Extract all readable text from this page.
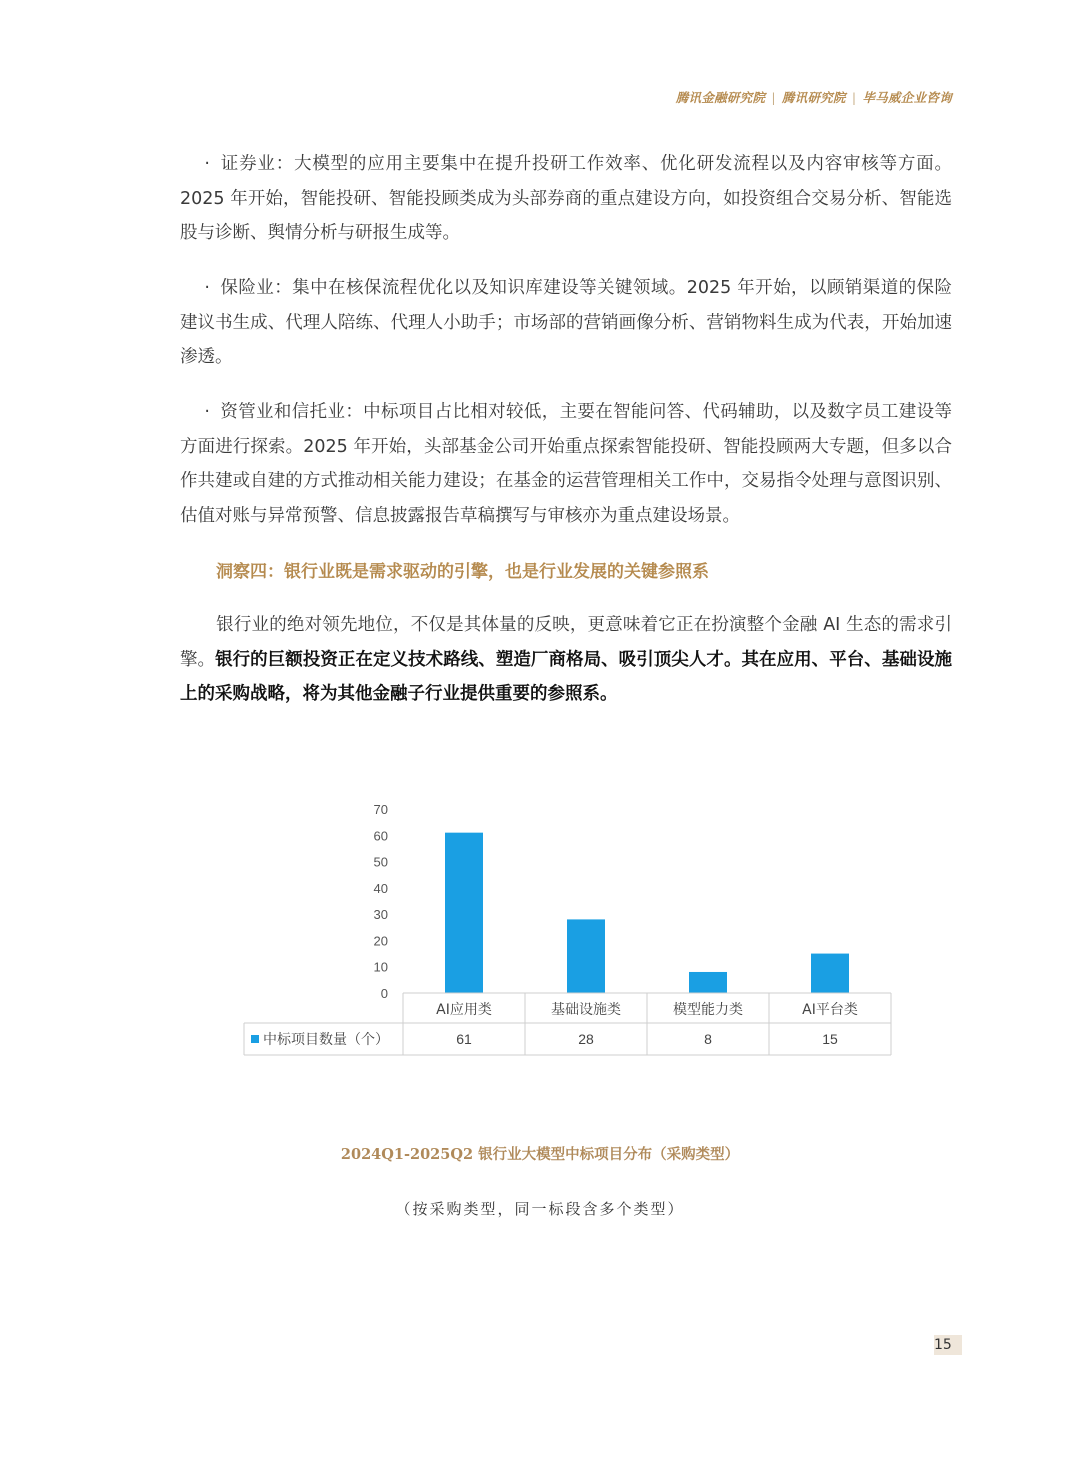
腾讯金融研究院 | 腾讯研究院 | 毕马威企业咨询

· 证券业：大模型的应用主要集中在提升投研工作效率、优化研发流程以及内容审核等方面。2025 年开始，智能投研、智能投顾类成为头部券商的重点建设方向，如投资组合交易分析、智能选股与诊断、舆情分析与研报生成等。

· 保险业：集中在核保流程优化以及知识库建设等关键领域。2025 年开始，以顾销渠道的保险建议书生成、代理人陪练、代理人小助手；市场部的营销画像分析、营销物料生成为代表，开始加速渗透。

· 资管业和信托业：中标项目占比相对较低，主要在智能问答、代码辅助，以及数字员工建设等方面进行探索。2025 年开始，头部基金公司开始重点探索智能投研、智能投顾两大专题，但多以合作共建或自建的方式推动相关能力建设；在基金的运营管理相关工作中，交易指令处理与意图识别、估值对账与异常预警、信息披露报告草稿撰写与审核亦为重点建设场景。

洞察四：银行业既是需求驱动的引擎，也是行业发展的关键参照系

银行业的绝对领先地位，不仅是其体量的反映，更意味着它正在扮演整个金融 AI 生态的需求引擎。银行的巨额投资正在定义技术路线、塑造厂商格局、吸引顶尖人才。其在应用、平台、基础设施上的采购战略，将为其他金融子行业提供重要的参照系。

0
10
20
30
40
50
60
70
AI应用类	基础设施类	模型能力类	AI平台类
中标项目数量（个）	61	28	8	15
2024Q1-2025Q2 银行业大模型中标项目分布（采购类型）
（按采购类型，同一标段含多个类型）
15
